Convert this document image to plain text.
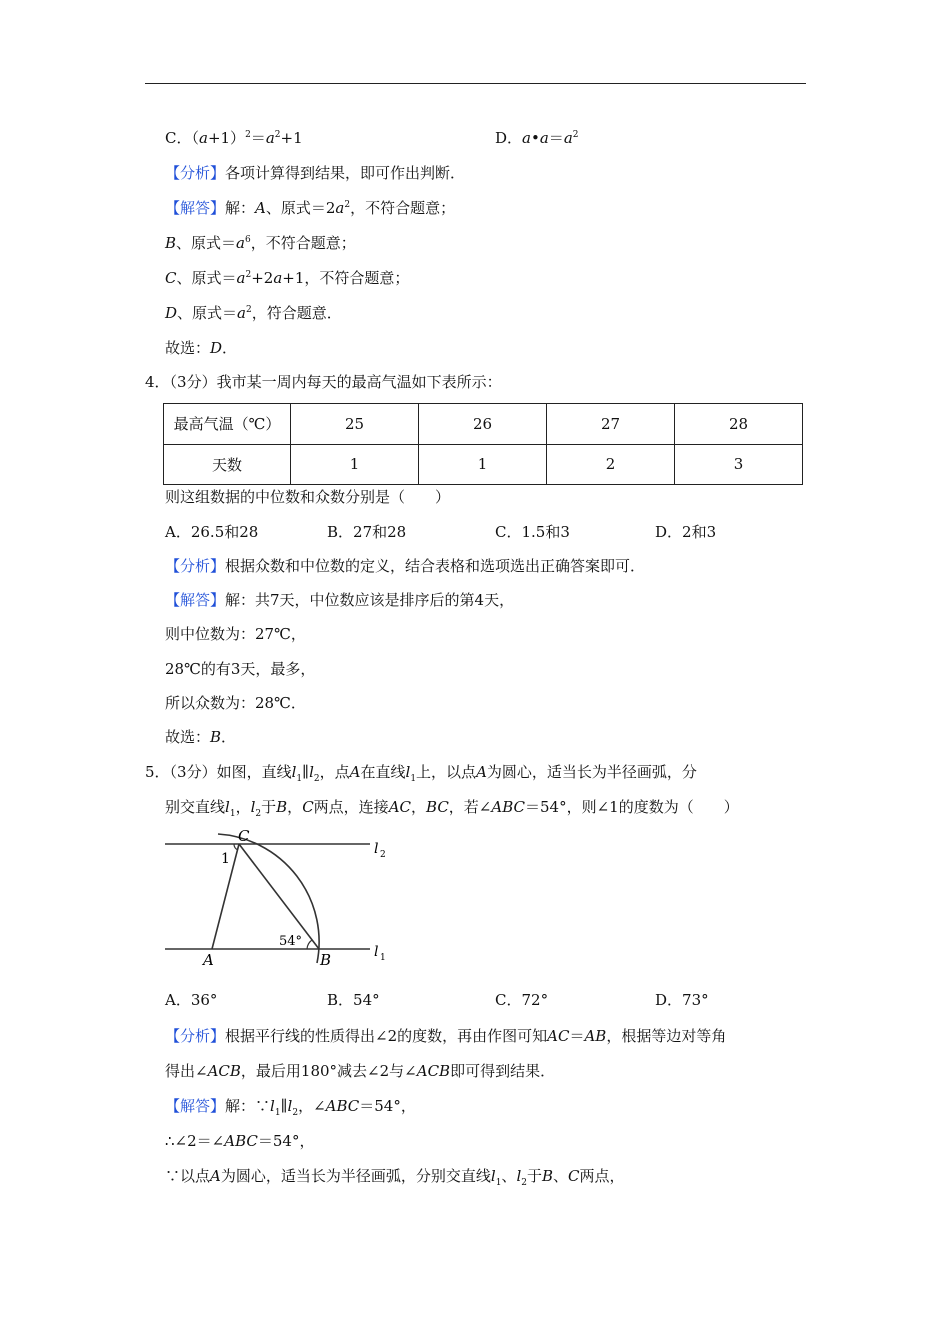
C．$(a+1)^2=a^2+1$	D．$a•a=a^2$
【分析】各项计算得到结果，即可作出判断．
【解答】解：A、原式$=2a^2$，不符合题意；
B、原式$=a^6$，不符合题意；
C、原式$=a^2+2a+1$，不符合题意；
D、原式$=a^2$，符合题意．
故选：D．
4．（3分）我市某一周内每天的最高气温如下表所示：
最高气温（℃）	25	26	27	28
天数	1	1	2	3
则这组数据的中位数和众数分别是（　　）
A．26.5和28	B．27和28	C．1.5和3	D．2和3
【分析】根据众数和中位数的定义，结合表格和选项选出正确答案即可．
【解答】解：共7天，中位数应该是排序后的第4天，
则中位数为：27℃，
28℃的有3天，最多，
所以众数为：28℃．
故选：B．
5．（3分）如图，直线$l_1\parallel l_2$，点A在直线$l_1$上，以点A为圆心，适当长为半径画弧，分
别交直线$l_1$，$l_2$于B，C两点，连接AC，BC，若∠ABC＝54°，则∠1的度数为（　　）
C
1
54°
A	B
l 2
l 1
A．36°	B．54°	C．72°	D．73°
【分析】根据平行线的性质得出∠2的度数，再由作图可知AC＝AB，根据等边对等角
得出∠ACB，最后用180°减去∠2与∠ACB即可得到结果．
【解答】解：$\because l_1\parallel l_2$，∠ABC＝54°，
∴∠2＝∠ABC＝54°，
∵以点A为圆心，适当长为半径画弧，分别交直线$l_1$、$l_2$于B、C两点，
